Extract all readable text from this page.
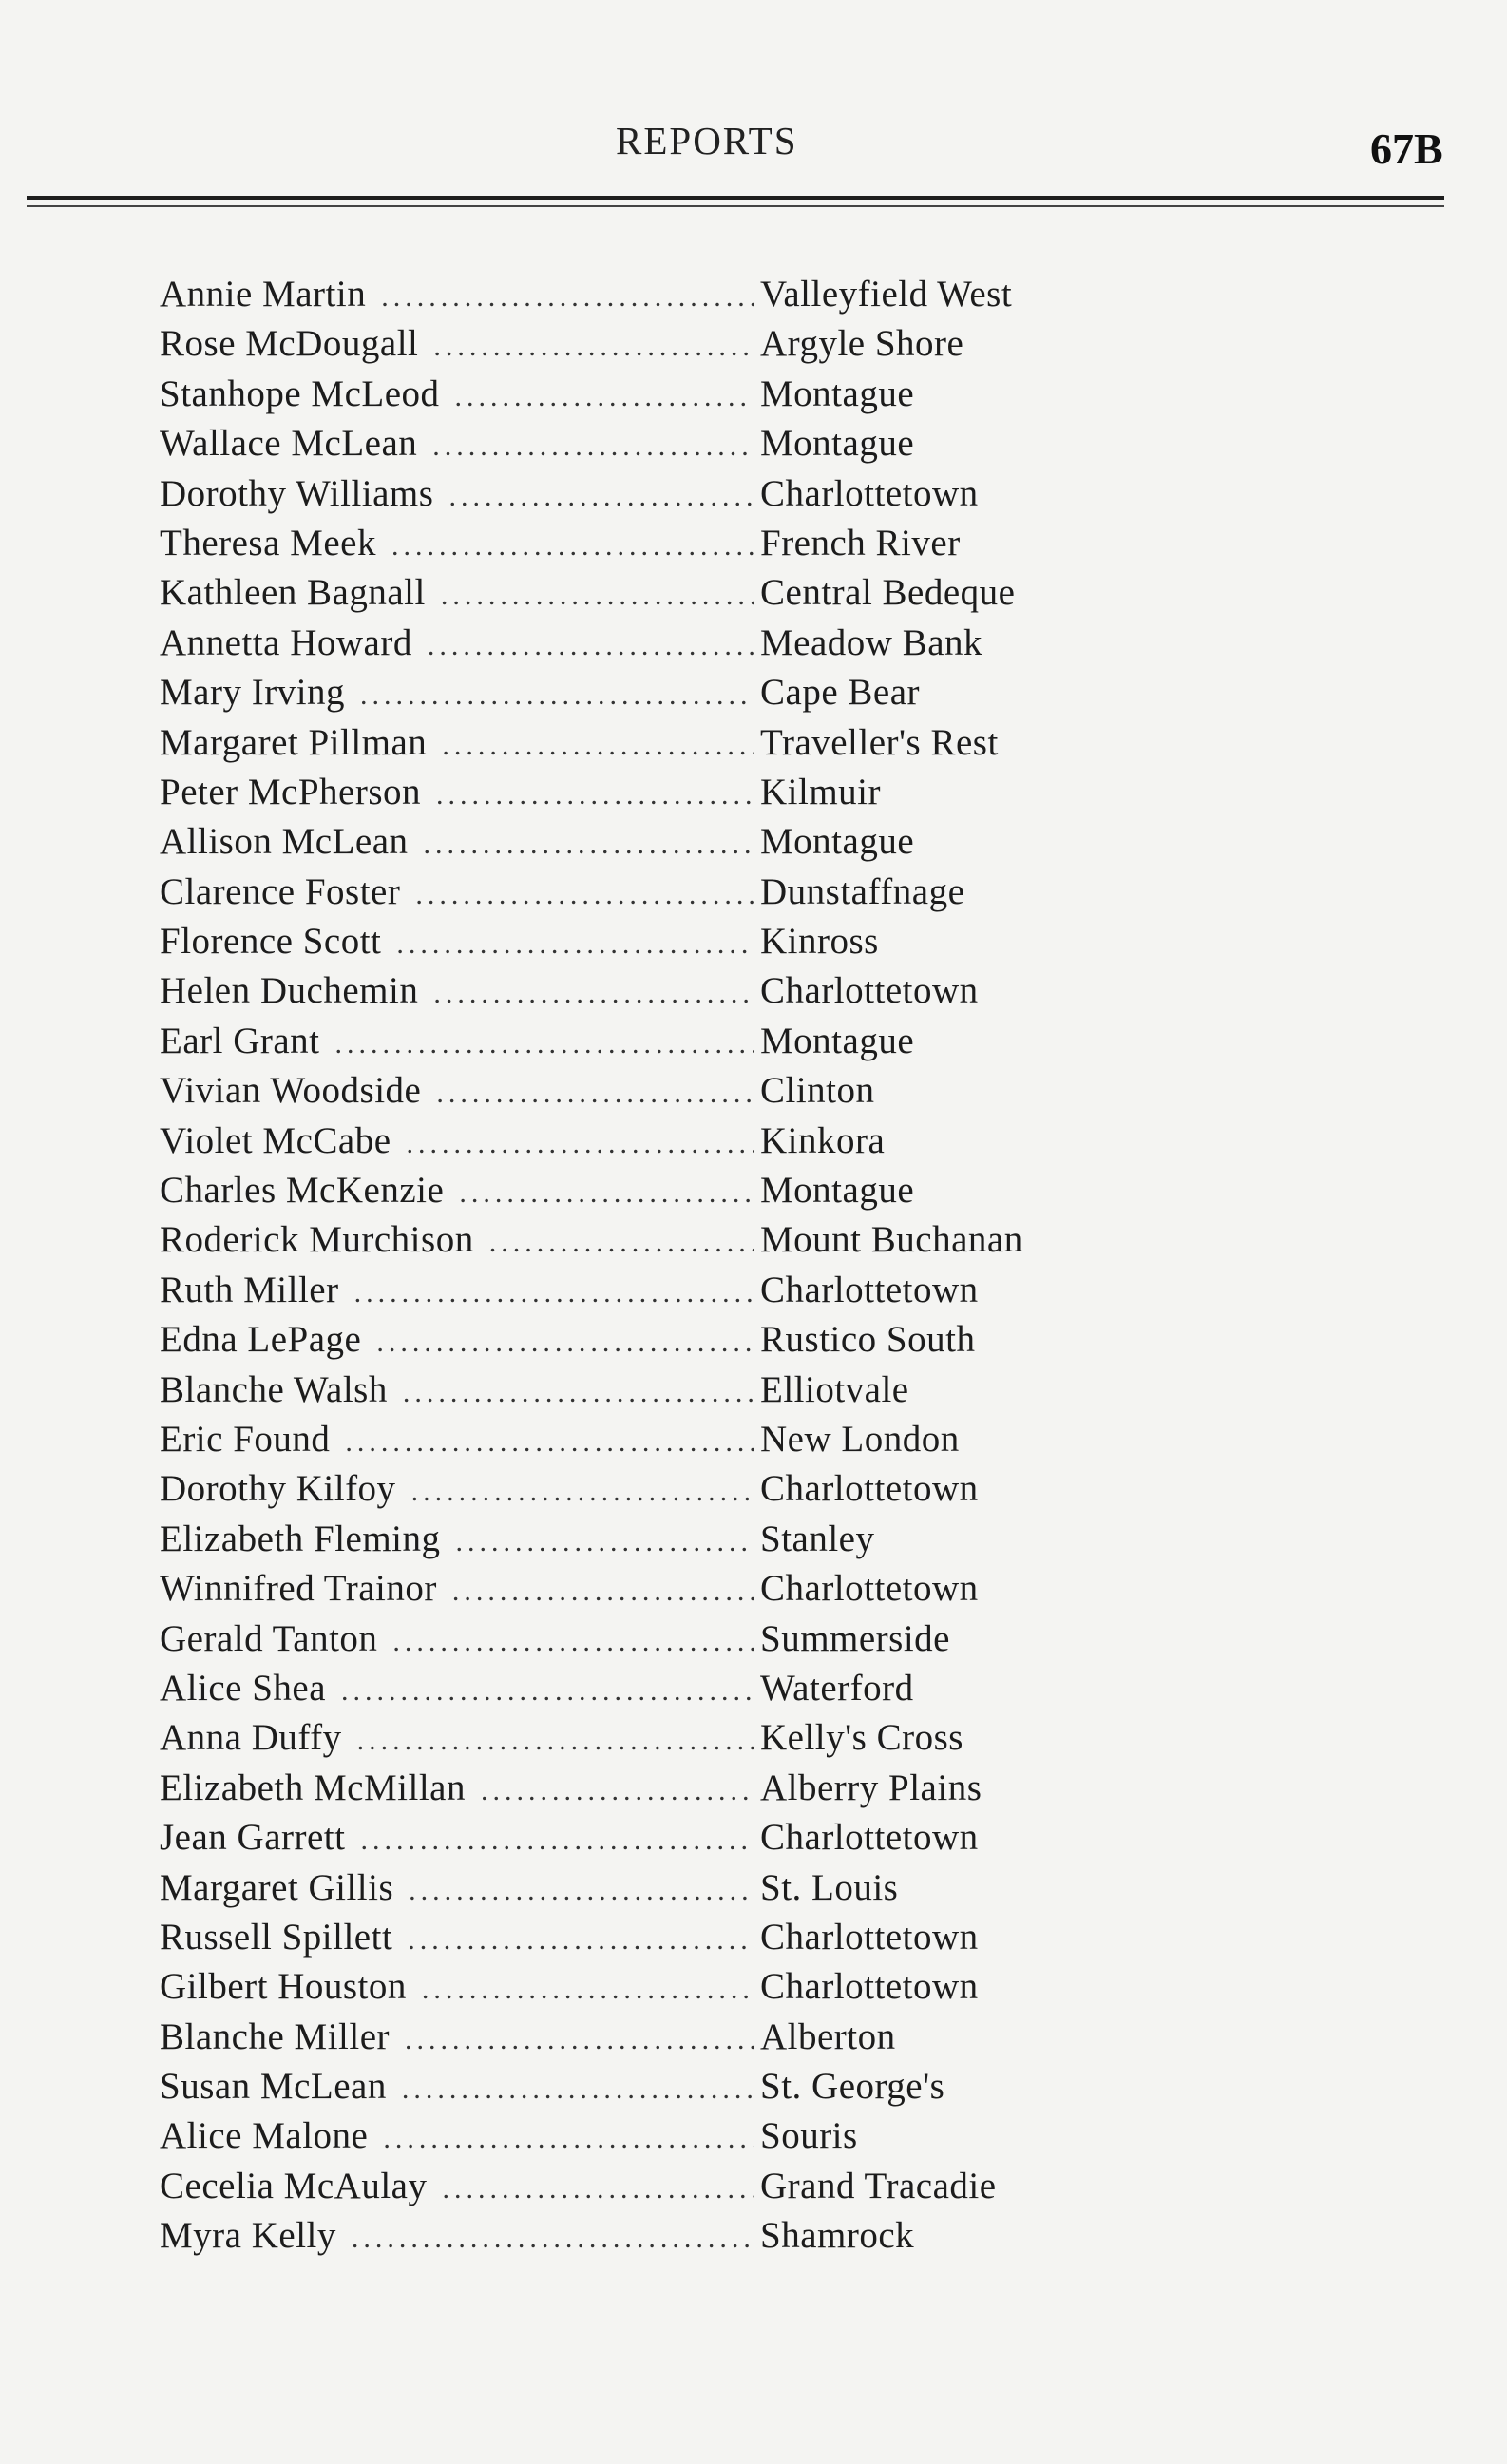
REPORTS	67B
Annie Martin .....	Valleyfield West
Rose McDougall .....	Argyle Shore
Stanhope McLeod .....	Montague
Wallace McLean .....	Montague
Dorothy Williams .....	Charlottetown
Theresa Meek .....	French River
Kathleen Bagnall .....	Central Bedeque
Annetta Howard .....	Meadow Bank
Mary Irving .....	Cape Bear
Margaret Pillman .....	Traveller's Rest
Peter McPherson .....	Kilmuir
Allison McLean .....	Montague
Clarence Foster .....	Dunstaffnage
Florence Scott .....	Kinross
Helen Duchemin .....	Charlottetown
Earl Grant .....	Montague
Vivian Woodside .....	Clinton
Violet McCabe .....	Kinkora
Charles McKenzie .....	Montague
Roderick Murchison .....	Mount Buchanan
Ruth Miller .....	Charlottetown
Edna LePage .....	Rustico South
Blanche Walsh .....	Elliotvale
Eric Found .....	New London
Dorothy Kilfoy .....	Charlottetown
Elizabeth Fleming .....	Stanley
Winnifred Trainor .....	Charlottetown
Gerald Tanton .....	Summerside
Alice Shea .....	Waterford
Anna Duffy .....	Kelly's Cross
Elizabeth McMillan .....	Alberry Plains
Jean Garrett .....	Charlottetown
Margaret Gillis .....	St. Louis
Russell Spillett .....	Charlottetown
Gilbert Houston .....	Charlottetown
Blanche Miller .....	Alberton
Susan McLean .....	St. George's
Alice Malone .....	Souris
Cecelia McAulay .....	Grand Tracadie
Myra Kelly .....	Shamrock
